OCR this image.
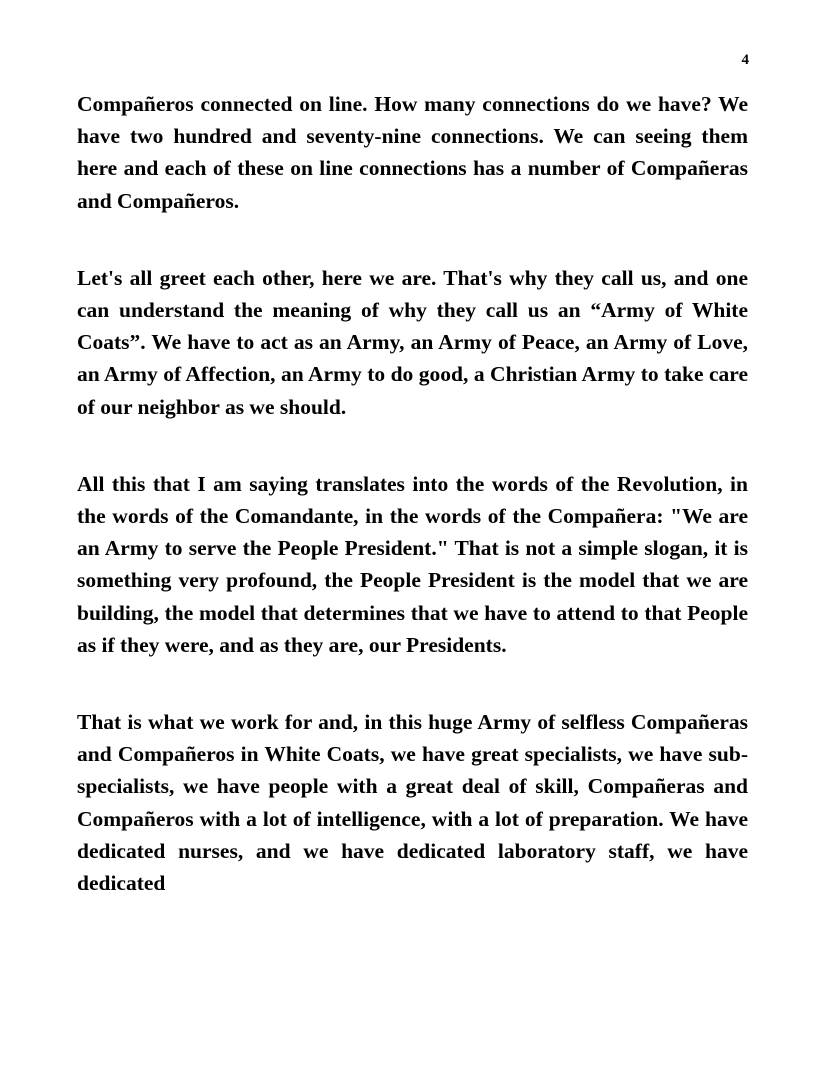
4

Compañeros connected on line. How many connections do we have? We have two hundred and seventy-nine connections. We can seeing them here and each of these on line connections has a number of Compañeras and Compañeros.

Let's all greet each other, here we are. That's why they call us, and one can understand the meaning of why they call us an “Army of White Coats”. We have to act as an Army, an Army of Peace, an Army of Love, an Army of Affection, an Army to do good, a Christian Army to take care of our neighbor as we should.

All this that I am saying translates into the words of the Revolution, in the words of the Comandante, in the words of the Compañera: "We are an Army to serve the People President." That is not a simple slogan, it is something very profound, the People President is the model that we are building, the model that determines that we have to attend to that People as if they were, and as they are, our Presidents.

That is what we work for and, in this huge Army of selfless Compañeras and Compañeros in White Coats, we have great specialists, we have sub-specialists, we have people with a great deal of skill, Compañeras and Compañeros with a lot of intelligence, with a lot of preparation. We have dedicated nurses, and we have dedicated laboratory staff, we have dedicated
